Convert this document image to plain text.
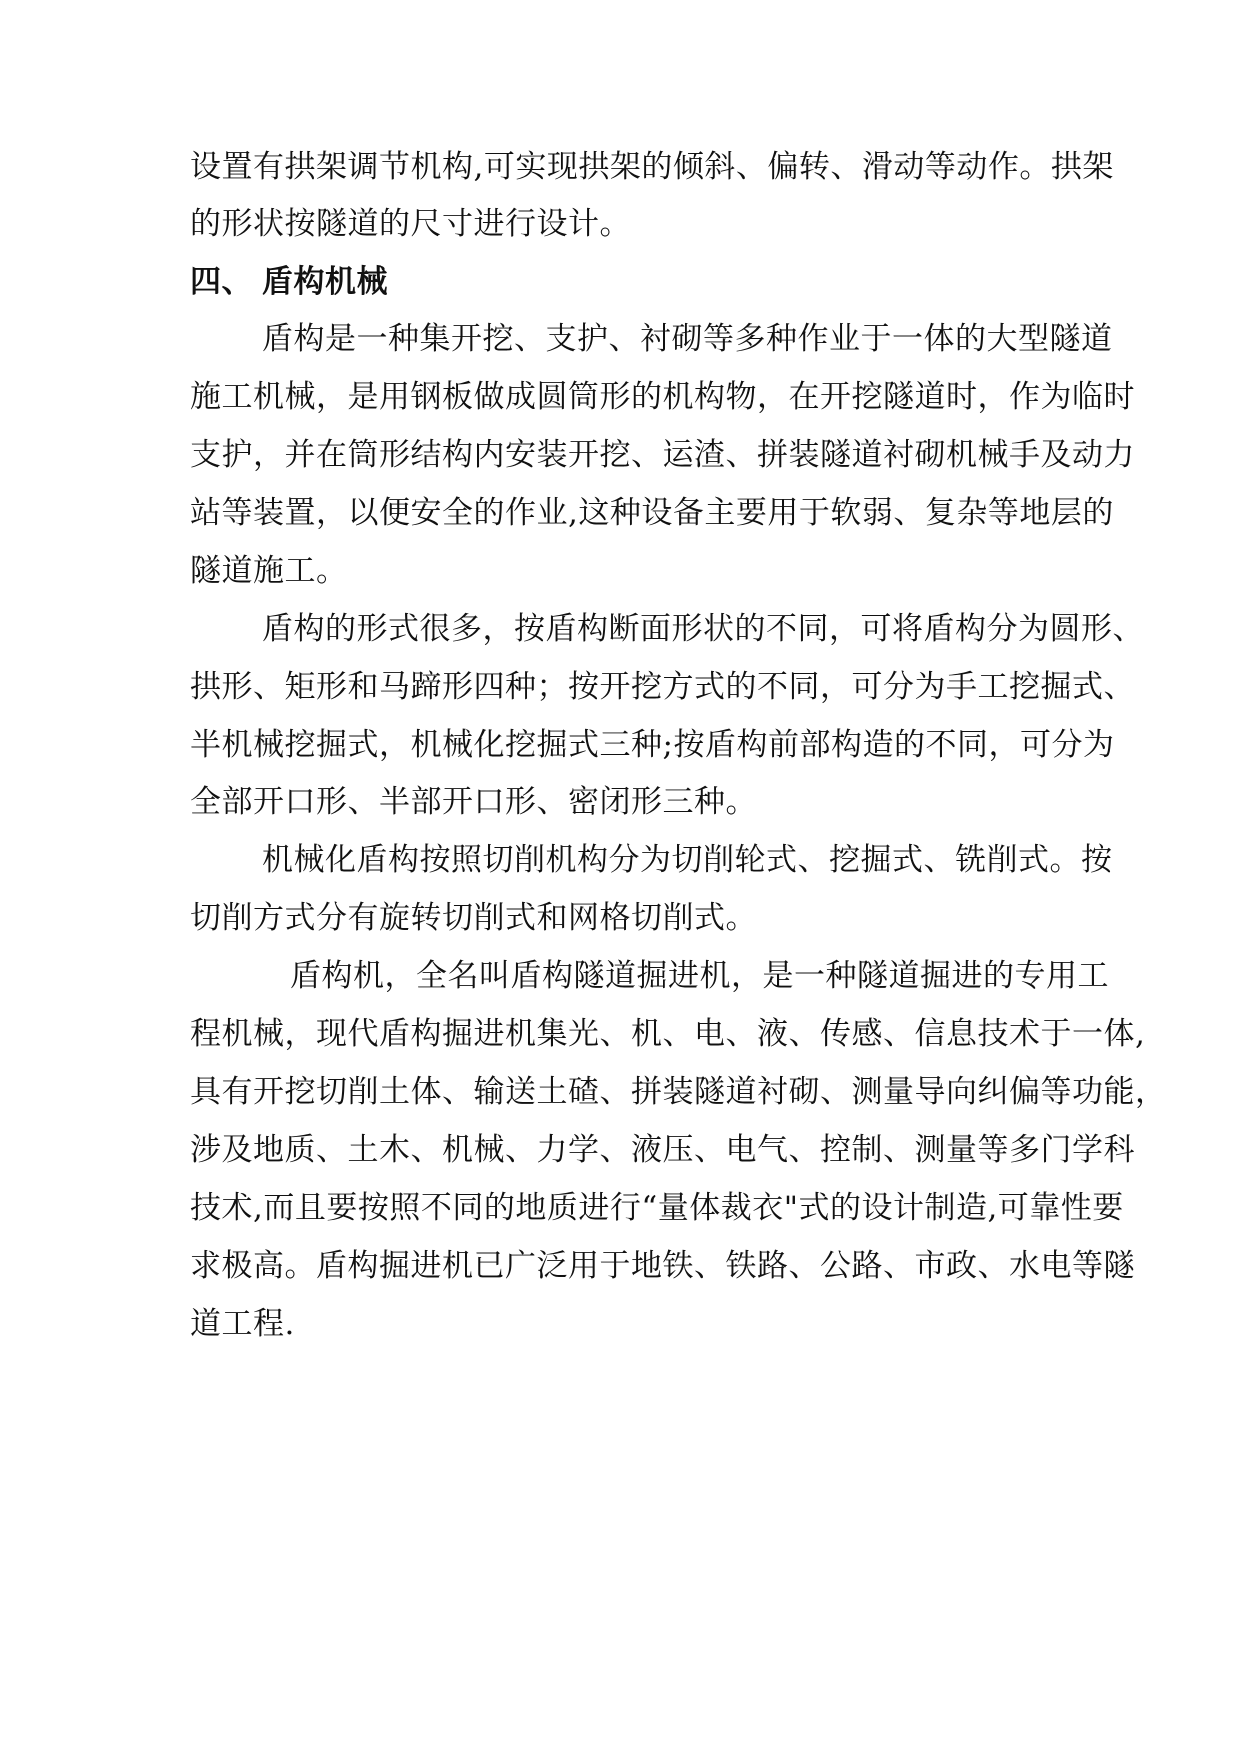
设置有拱架调节机构,可实现拱架的倾斜、偏转、滑动等动作。拱架
的形状按隧道的尺寸进行设计。
四、 盾构机械
盾构是一种集开挖、支护、衬砌等多种作业于一体的大型隧道
施工机械，是用钢板做成圆筒形的机构物，在开挖隧道时，作为临时
支护，并在筒形结构内安装开挖、运渣、拼装隧道衬砌机械手及动力
站等装置，以便安全的作业,这种设备主要用于软弱、复杂等地层的
隧道施工。
盾构的形式很多，按盾构断面形状的不同，可将盾构分为圆形、
拱形、矩形和马蹄形四种；按开挖方式的不同，可分为手工挖掘式、
半机械挖掘式，机械化挖掘式三种;按盾构前部构造的不同，可分为
全部开口形、半部开口形、密闭形三种。
机械化盾构按照切削机构分为切削轮式、挖掘式、铣削式。按
切削方式分有旋转切削式和网格切削式。
盾构机，全名叫盾构隧道掘进机，是一种隧道掘进的专用工
程机械，现代盾构掘进机集光、机、电、液、传感、信息技术于一体,
具有开挖切削土体、输送土碴、拼装隧道衬砌、测量导向纠偏等功能，
涉及地质、土木、机械、力学、液压、电气、控制、测量等多门学科
技术,而且要按照不同的地质进行“量体裁衣"式的设计制造,可靠性要
求极高。盾构掘进机已广泛用于地铁、铁路、公路、市政、水电等隧
道工程.
